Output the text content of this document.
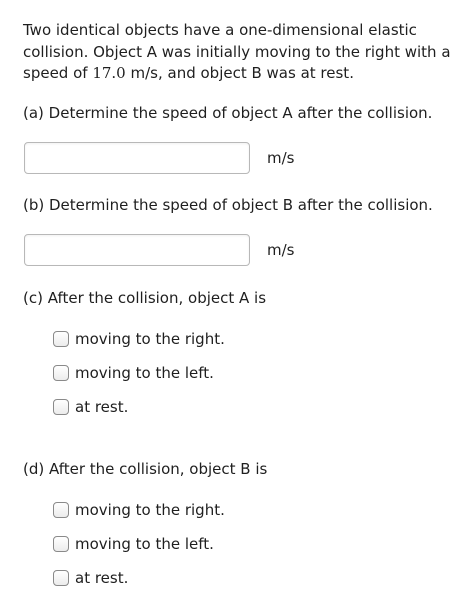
Two identical objects have a one-dimensional elastic collision. Object A was initially moving to the right with a speed of 17.0 m/s, and object B was at rest.

(a) Determine the speed of object A after the collision.

m/s

(b) Determine the speed of object B after the collision.

m/s

(c) After the collision, object A is

moving to the right.
moving to the left.
at rest.

(d) After the collision, object B is

moving to the right.
moving to the left.
at rest.
